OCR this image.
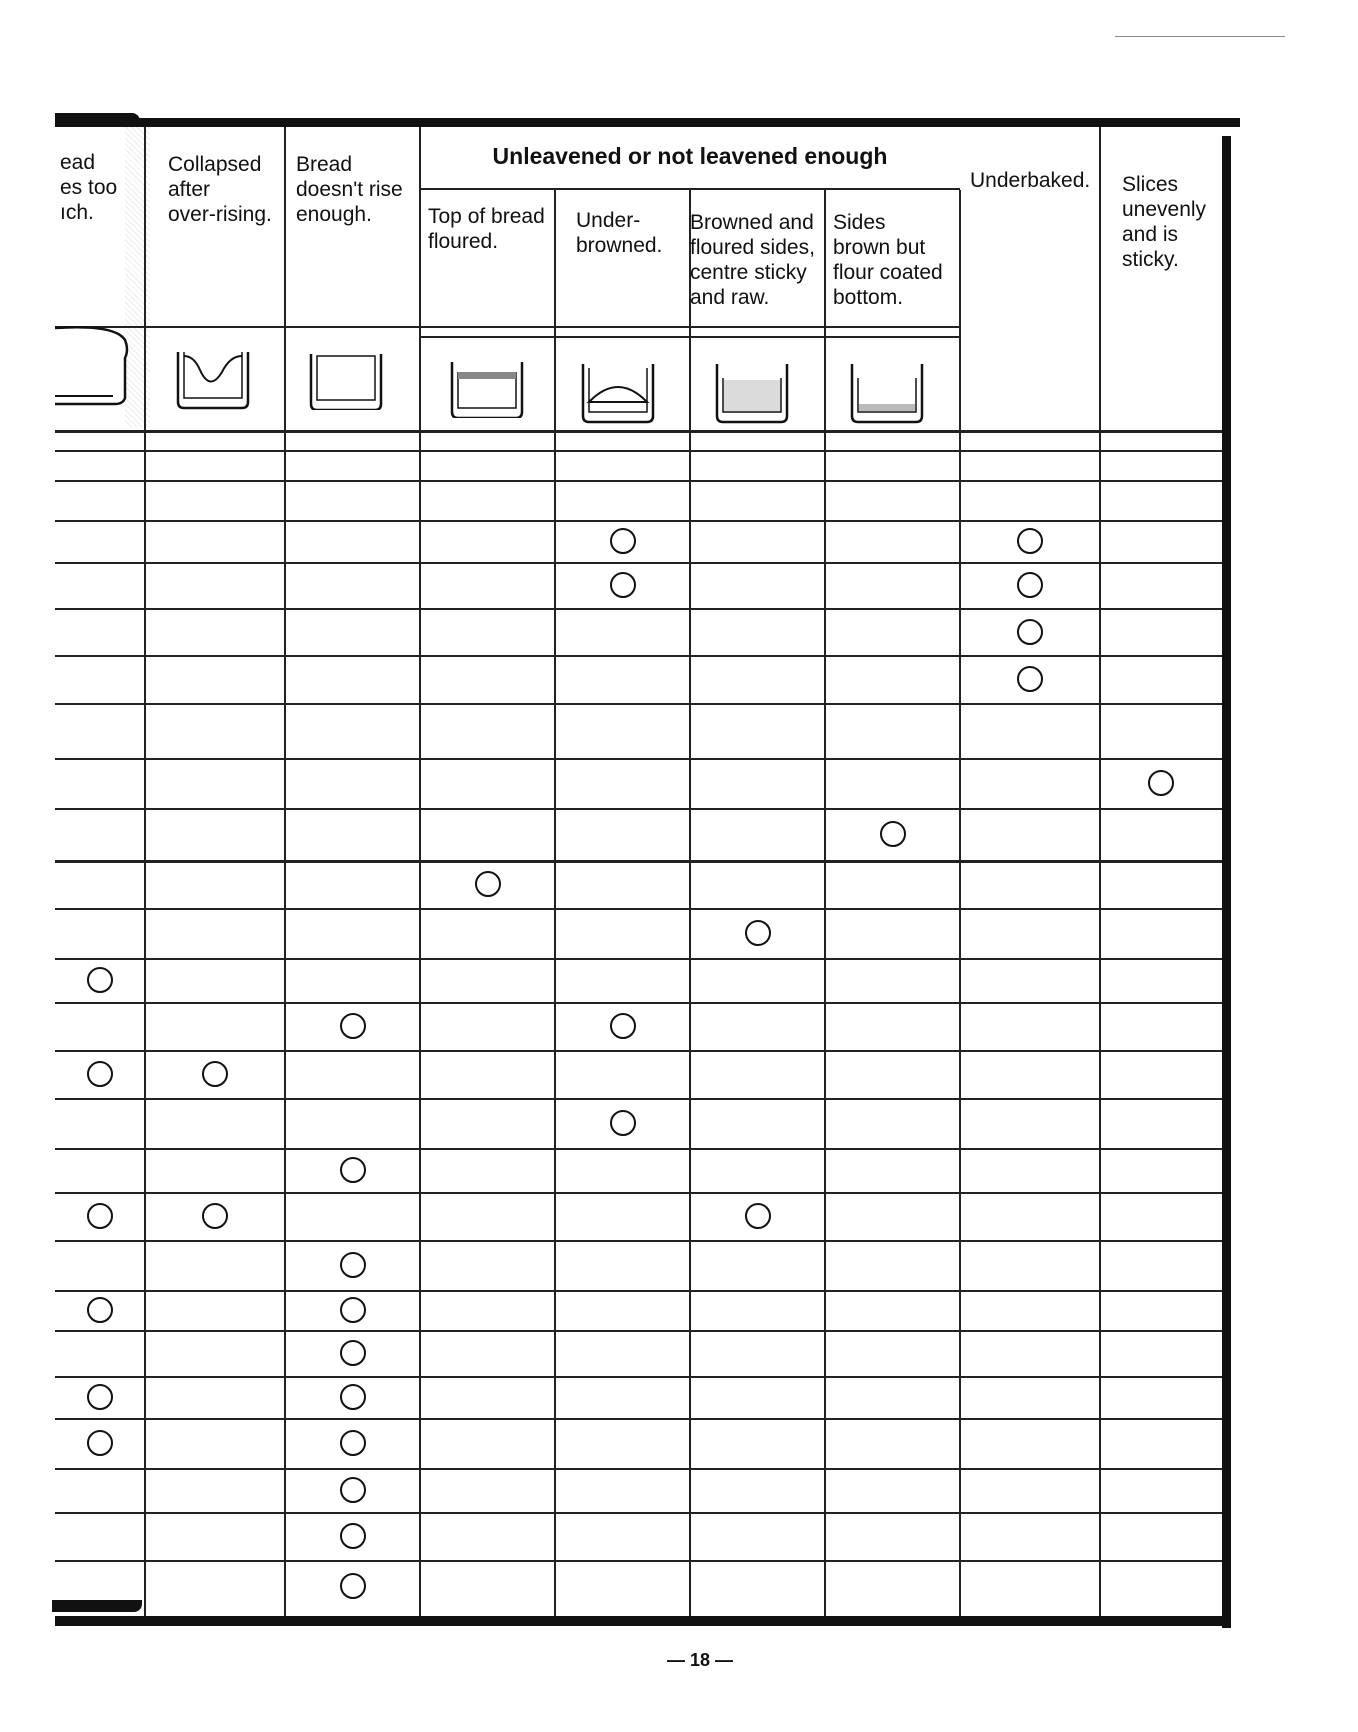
Unleavened or not leavened enough
ead
es too
ıch.
Collapsed
after
over-rising.
Bread
doesn't rise
enough.	Top of bread
floured.
Under-
browned.
Browned and
floured sides,
centre sticky
and raw.
Sides
brown but
flour coated
bottom.
Underbaked. Slices
unevenly
and is
sticky.
— 18 —
